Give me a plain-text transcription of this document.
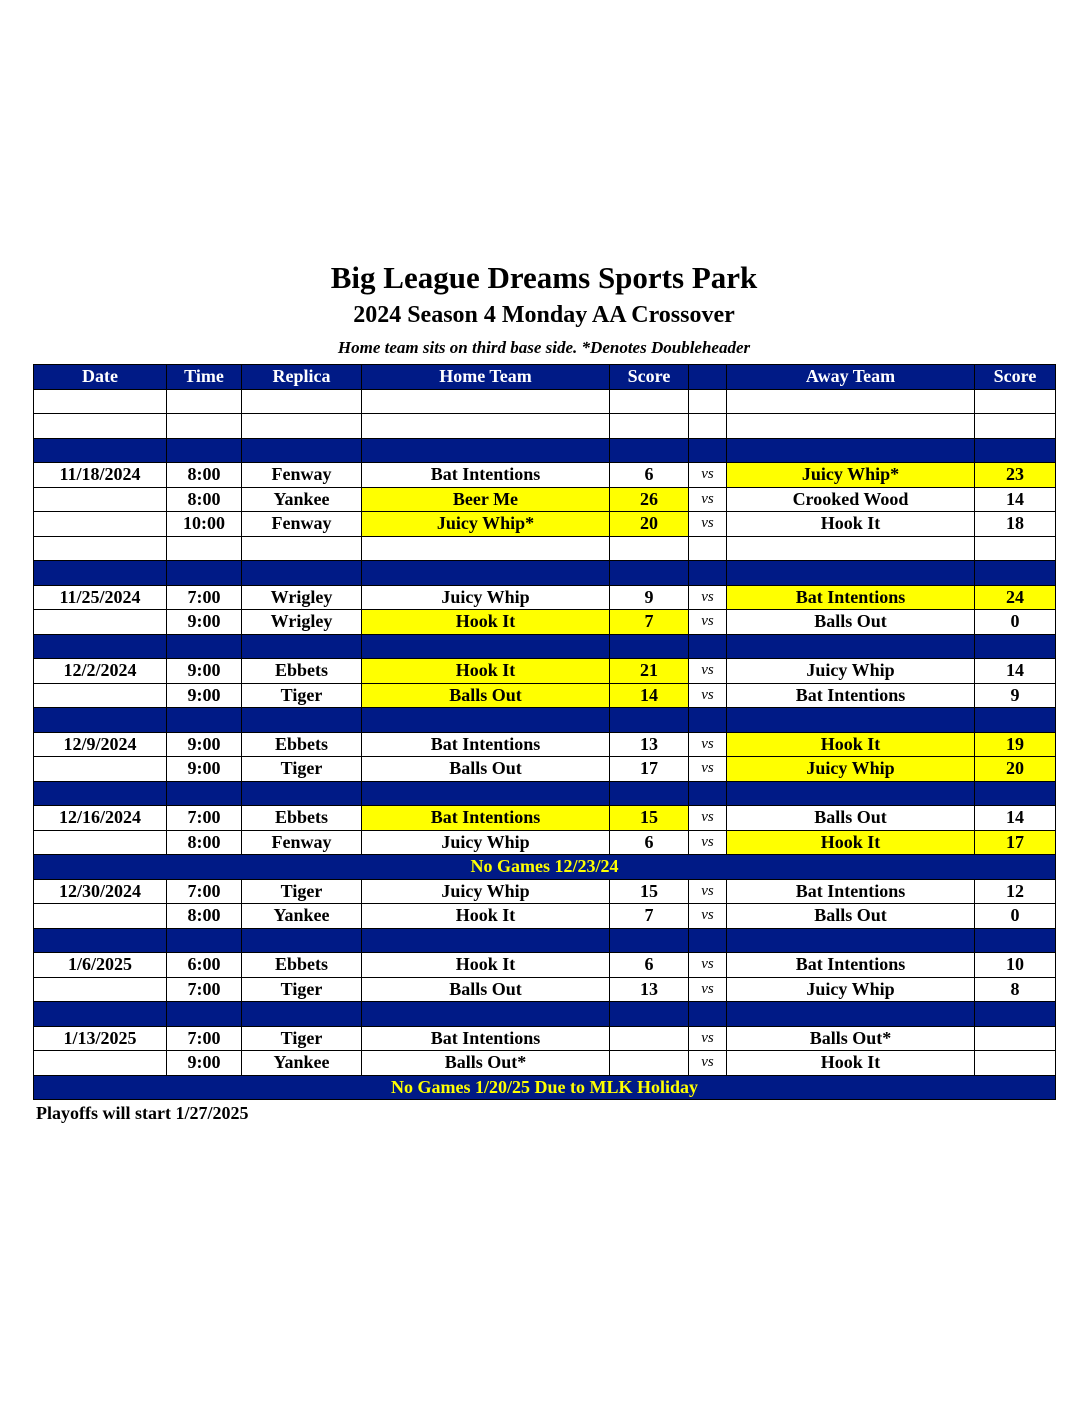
Big League Dreams Sports Park
2024 Season 4 Monday AA Crossover
Home team sits on third base side. *Denotes Doubleheader
Date	Time	Replica	Home Team	Score		Away Team	Score

11/18/2024	8:00	Fenway	Bat Intentions	6	vs	Juicy Whip*	23
	8:00	Yankee	Beer Me	26	vs	Crooked Wood	14
	10:00	Fenway	Juicy Whip*	20	vs	Hook It	18

11/25/2024	7:00	Wrigley	Juicy Whip	9	vs	Bat Intentions	24
	9:00	Wrigley	Hook It	7	vs	Balls Out	0

12/2/2024	9:00	Ebbets	Hook It	21	vs	Juicy Whip	14
	9:00	Tiger	Balls Out	14	vs	Bat Intentions	9

12/9/2024	9:00	Ebbets	Bat Intentions	13	vs	Hook It	19
	9:00	Tiger	Balls Out	17	vs	Juicy Whip	20

12/16/2024	7:00	Ebbets	Bat Intentions	15	vs	Balls Out	14
	8:00	Fenway	Juicy Whip	6	vs	Hook It	17
No Games 12/23/24							
12/30/2024	7:00	Tiger	Juicy Whip	15	vs	Bat Intentions	12
	8:00	Yankee	Hook It	7	vs	Balls Out	0

1/6/2025	6:00	Ebbets	Hook It	6	vs	Bat Intentions	10
	7:00	Tiger	Balls Out	13	vs	Juicy Whip	8

1/13/2025	7:00	Tiger	Bat Intentions		vs	Balls Out*	
	9:00	Yankee	Balls Out*		vs	Hook It	
No Games 1/20/25 Due to MLK Holiday							
Playoffs will start 1/27/2025
